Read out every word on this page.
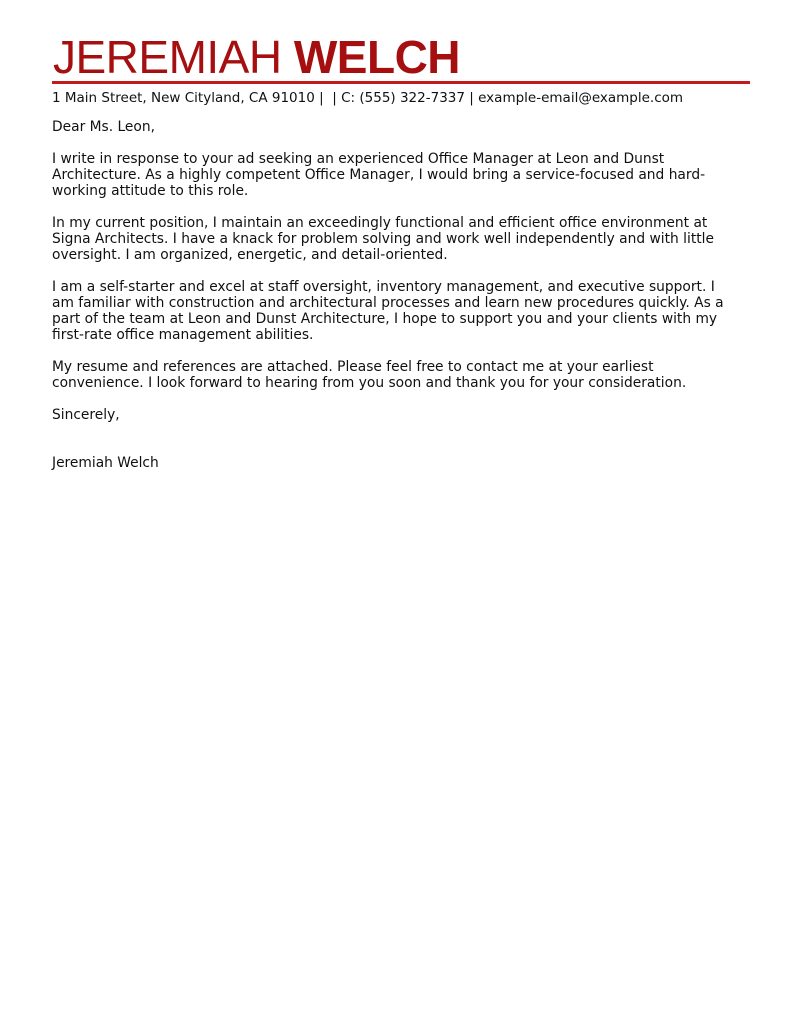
JEREMIAH WELCH
1 Main Street, New Cityland, CA 91010 | | C: (555) 322-7337 | example-email@example.com
Dear Ms. Leon,
I write in response to your ad seeking an experienced Office Manager at Leon and Dunst
Architecture. As a highly competent Office Manager, I would bring a service-focused and hard-
working attitude to this role.
In my current position, I maintain an exceedingly functional and efficient office environment at
Signa Architects. I have a knack for problem solving and work well independently and with little
oversight. I am organized, energetic, and detail-oriented.
I am a self-starter and excel at staff oversight, inventory management, and executive support. I
am familiar with construction and architectural processes and learn new procedures quickly. As a
part of the team at Leon and Dunst Architecture, I hope to support you and your clients with my
first-rate office management abilities.
My resume and references are attached. Please feel free to contact me at your earliest
convenience. I look forward to hearing from you soon and thank you for your consideration.
Sincerely,
Jeremiah Welch
